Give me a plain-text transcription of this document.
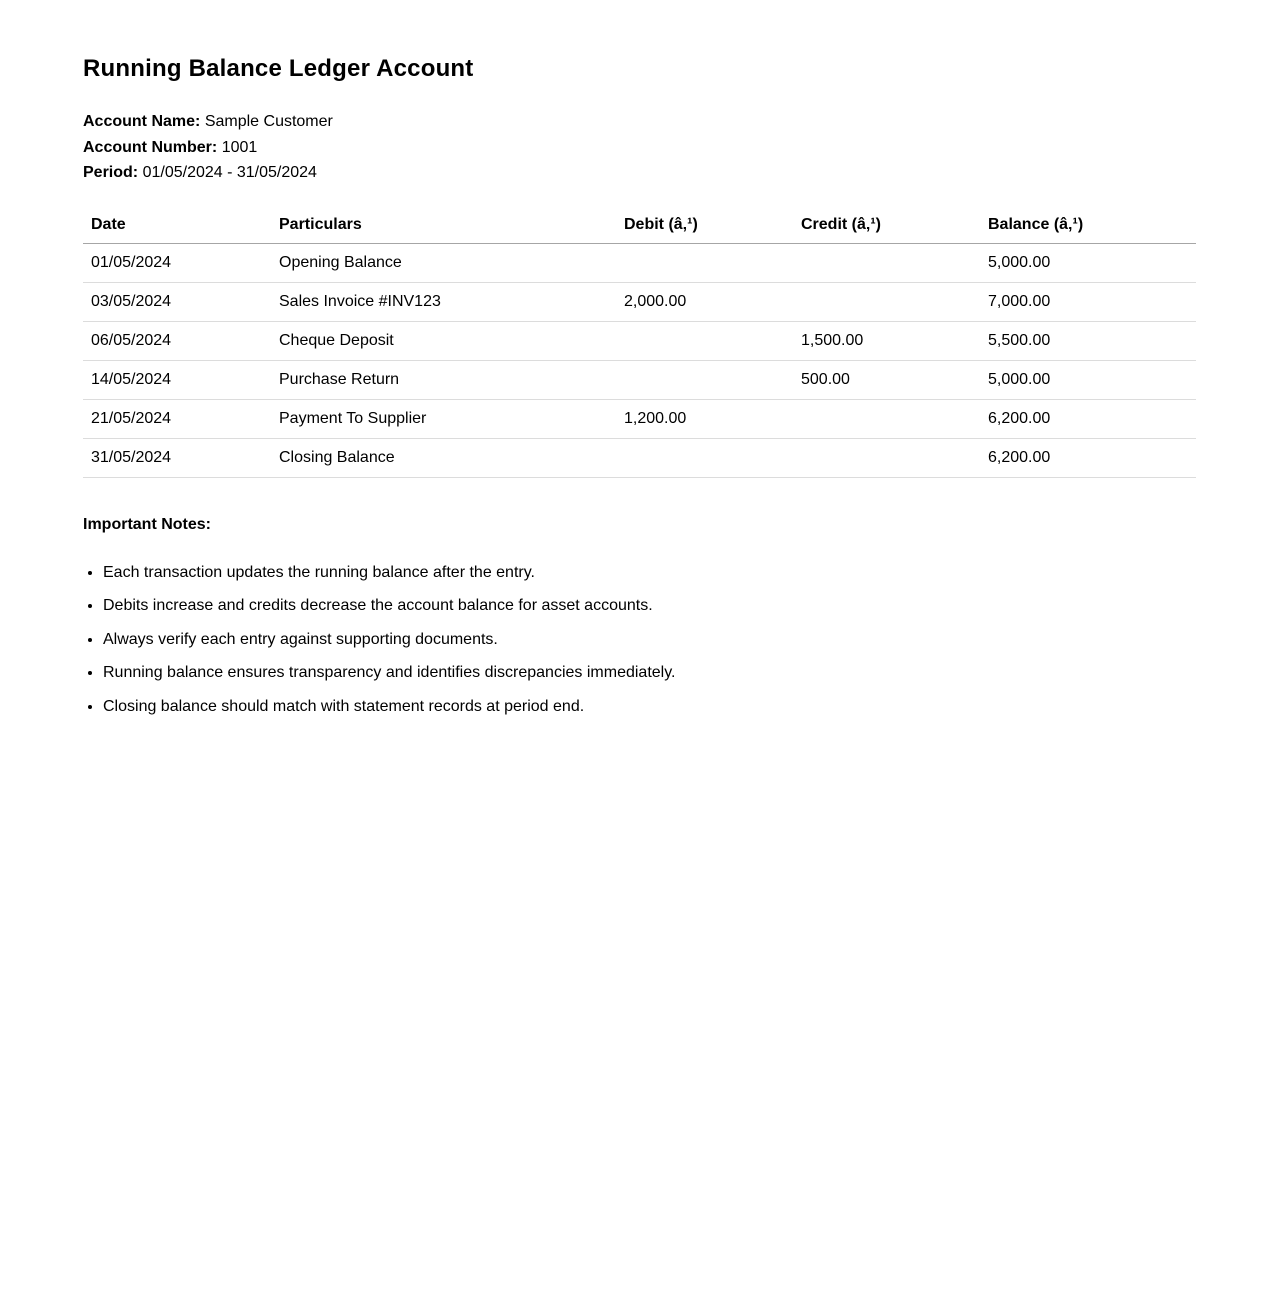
Running Balance Ledger Account

Account Name: Sample Customer

Account Number: 1001

Period: 01/05/2024 - 31/05/2024

Date	Particulars	Debit (â‚¹)	Credit (â‚¹)	Balance (â‚¹)
01/05/2024	Opening Balance			5,000.00
03/05/2024	Sales Invoice #INV123	2,000.00		7,000.00
06/05/2024	Cheque Deposit		1,500.00	5,500.00
14/05/2024	Purchase Return		500.00	5,000.00
21/05/2024	Payment To Supplier	1,200.00		6,200.00
31/05/2024	Closing Balance			6,200.00

Important Notes:

• Each transaction updates the running balance after the entry.
• Debits increase and credits decrease the account balance for asset accounts.
• Always verify each entry against supporting documents.
• Running balance ensures transparency and identifies discrepancies immediately.
• Closing balance should match with statement records at period end.
